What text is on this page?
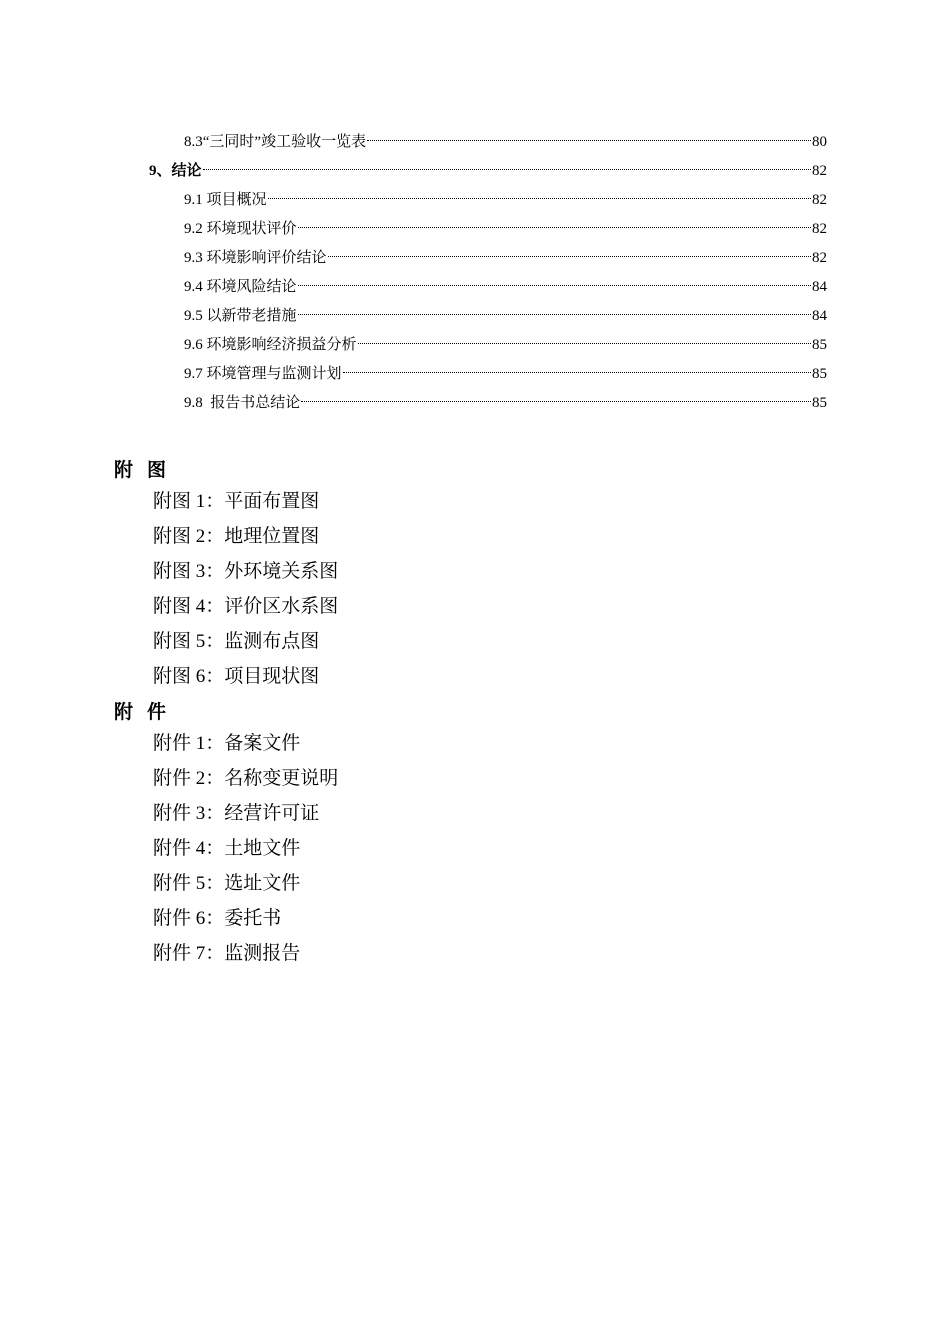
8.3“三同时”竣工验收一览表	80
9、结论	82
9.1 项目概况	82
9.2 环境现状评价	82
9.3 环境影响评价结论	82
9.4 环境风险结论	84
9.5 以新带老措施	84
9.6 环境影响经济损益分析	85
9.7 环境管理与监测计划	85
9.8  报告书总结论	85
附图
附图 1：平面布置图
附图 2：地理位置图
附图 3：外环境关系图
附图 4：评价区水系图
附图 5：监测布点图
附图 6：项目现状图
附件
附件 1：备案文件
附件 2：名称变更说明
附件 3：经营许可证
附件 4：土地文件
附件 5：选址文件
附件 6：委托书
附件 7：监测报告
